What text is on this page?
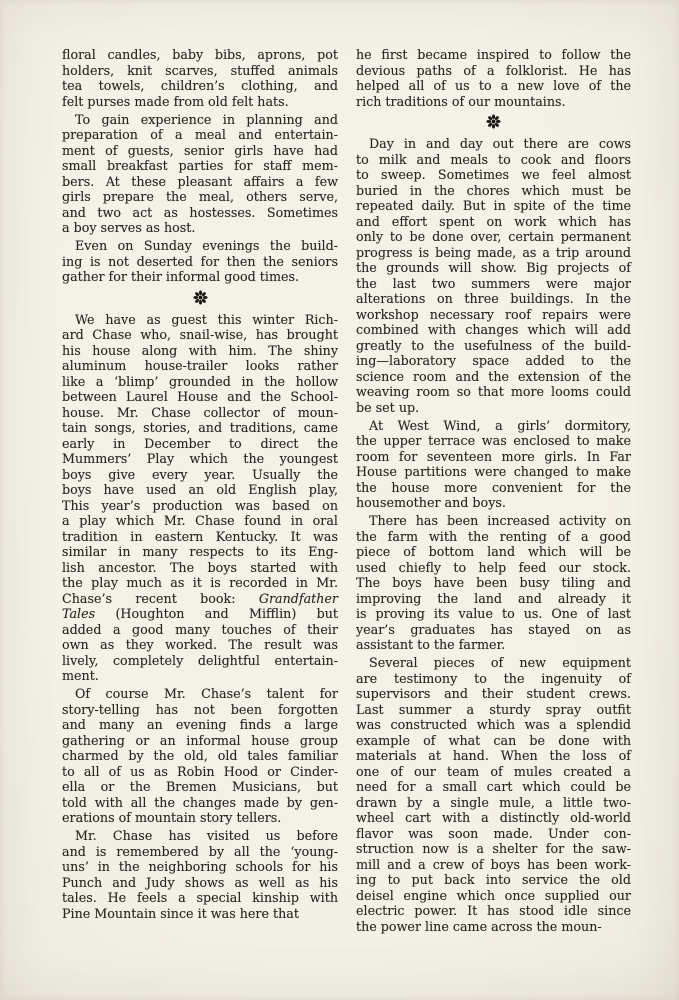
floral candles, baby bibs, aprons, pot
holders, knit scarves, stuffed animals
tea towels, children’s clothing, and
felt purses made from old felt hats.
To gain experience in planning and
preparation of a meal and entertain-
ment of guests, senior girls have had
small breakfast parties for staff mem-
bers. At these pleasant affairs a few
girls prepare the meal, others serve,
and two act as hostesses. Sometimes
a boy serves as host.
Even on Sunday evenings the build-
ing is not deserted for then the seniors
gather for their informal good times.
We have as guest this winter Rich-
ard Chase who, snail-wise, has brought
his house along with him. The shiny
aluminum house-trailer looks rather
like a ‘blimp’ grounded in the hollow
between Laurel House and the School-
house. Mr. Chase collector of moun-
tain songs, stories, and traditions, came
early in December to direct the
Mummers’ Play which the youngest
boys give every year. Usually the
boys have used an old English play,
This year’s production was based on
a play which Mr. Chase found in oral
tradition in eastern Kentucky. It was
similar in many respects to its Eng-
lish ancestor. The boys started with
the play much as it is recorded in Mr.
Chase’s recent book: Grandfather
Tales (Houghton and Mifflin) but
added a good many touches of their
own as they worked. The result was
lively, completely delightful entertain-
ment.
Of course Mr. Chase’s talent for
story-telling has not been forgotten
and many an evening finds a large
gathering or an informal house group
charmed by the old, old tales familiar
to all of us as Robin Hood or Cinder-
ella or the Bremen Musicians, but
told with all the changes made by gen-
erations of mountain story tellers.
Mr. Chase has visited us before
and is remembered by all the ‘young-
uns’ in the neighboring schools for his
Punch and Judy shows as well as his
tales. He feels a special kinship with
Pine Mountain since it was here that
he first became inspired to follow the
devious paths of a folklorist. He has
helped all of us to a new love of the
rich traditions of our mountains.
Day in and day out there are cows
to milk and meals to cook and floors
to sweep. Sometimes we feel almost
buried in the chores which must be
repeated daily. But in spite of the time
and effort spent on work which has
only to be done over, certain permanent
progress is being made, as a trip around
the grounds will show. Big projects of
the last two summers were major
alterations on three buildings. In the
workshop necessary roof repairs were
combined with changes which will add
greatly to the usefulness of the build-
ing—laboratory space added to the
science room and the extension of the
weaving room so that more looms could
be set up.
At West Wind, a girls’ dormitory,
the upper terrace was enclosed to make
room for seventeen more girls. In Far
House partitions were changed to make
the house more convenient for the
housemother and boys.
There has been increased activity on
the farm with the renting of a good
piece of bottom land which will be
used chiefly to help feed our stock.
The boys have been busy tiling and
improving the land and already it
is proving its value to us. One of last
year’s graduates has stayed on as
assistant to the farmer.
Several pieces of new equipment
are testimony to the ingenuity of
supervisors and their student crews.
Last summer a sturdy spray outfit
was constructed which was a splendid
example of what can be done with
materials at hand. When the loss of
one of our team of mules created a
need for a small cart which could be
drawn by a single mule, a little two-
wheel cart with a distinctly old-world
flavor was soon made. Under con-
struction now is a shelter for the saw-
mill and a crew of boys has been work-
ing to put back into service the old
deisel engine which once supplied our
electric power. It has stood idle since
the power line came across the moun-
